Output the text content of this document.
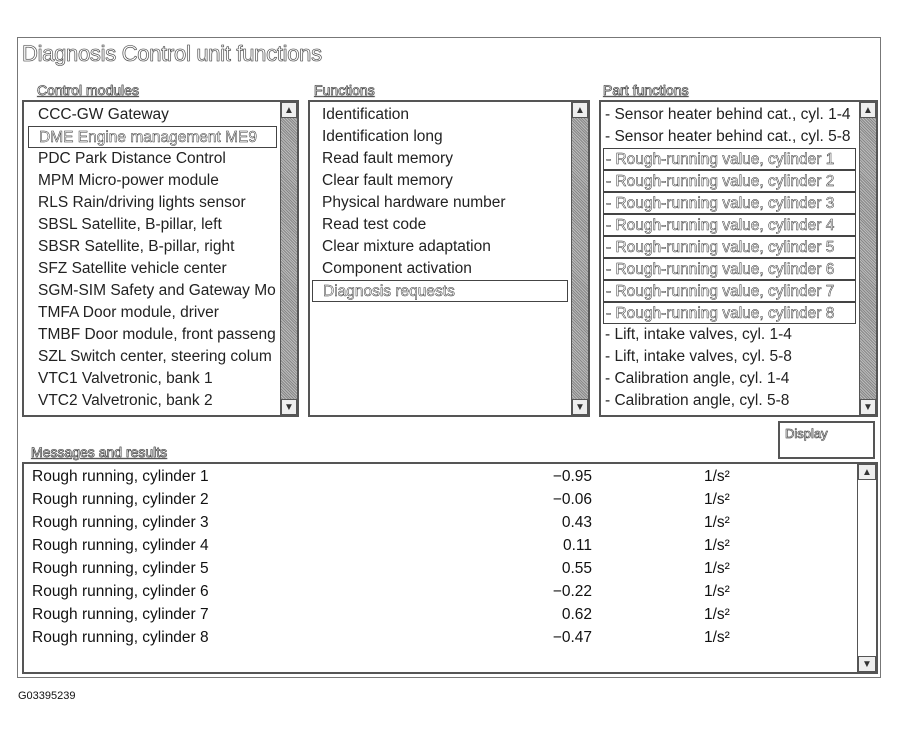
Diagnosis Control unit functions
Control modules	Functions	Part functions
CCC-GW Gateway
DME Engine management ME9
PDC Park Distance Control
MPM Micro-power module
RLS Rain/driving lights sensor
SBSL Satellite, B-pillar, left
SBSR Satellite, B-pillar, right
SFZ Satellite vehicle center
SGM-SIM Safety and Gateway Mo
TMFA Door module, driver
TMBF Door module, front passeng
SZL Switch center, steering colum
VTC1 Valvetronic, bank 1
VTC2 Valvetronic, bank 2
▲
▼
Identification
Identification long
Read fault memory
Clear fault memory
Physical hardware number
Read test code
Clear mixture adaptation
Component activation
Diagnosis requests
▲
▼
- Sensor heater behind cat., cyl. 1-4
- Sensor heater behind cat., cyl. 5-8
- Rough-running value, cylinder 1
- Rough-running value, cylinder 2
- Rough-running value, cylinder 3
- Rough-running value, cylinder 4
- Rough-running value, cylinder 5
- Rough-running value, cylinder 6
- Rough-running value, cylinder 7
- Rough-running value, cylinder 8
- Lift, intake valves, cyl. 1-4
- Lift, intake valves, cyl. 5-8
- Calibration angle, cyl. 1-4
- Calibration angle, cyl. 5-8
▲
▼
Messages and results
Display
Rough running, cylinder 1	−0.95	1/s²
Rough running, cylinder 2	−0.06	1/s²
Rough running, cylinder 3	0.43	1/s²
Rough running, cylinder 4	0.11	1/s²
Rough running, cylinder 5	0.55	1/s²
Rough running, cylinder 6	−0.22	1/s²
Rough running, cylinder 7	0.62	1/s²
Rough running, cylinder 8	−0.47	1/s²
▲
▼
G03395239
